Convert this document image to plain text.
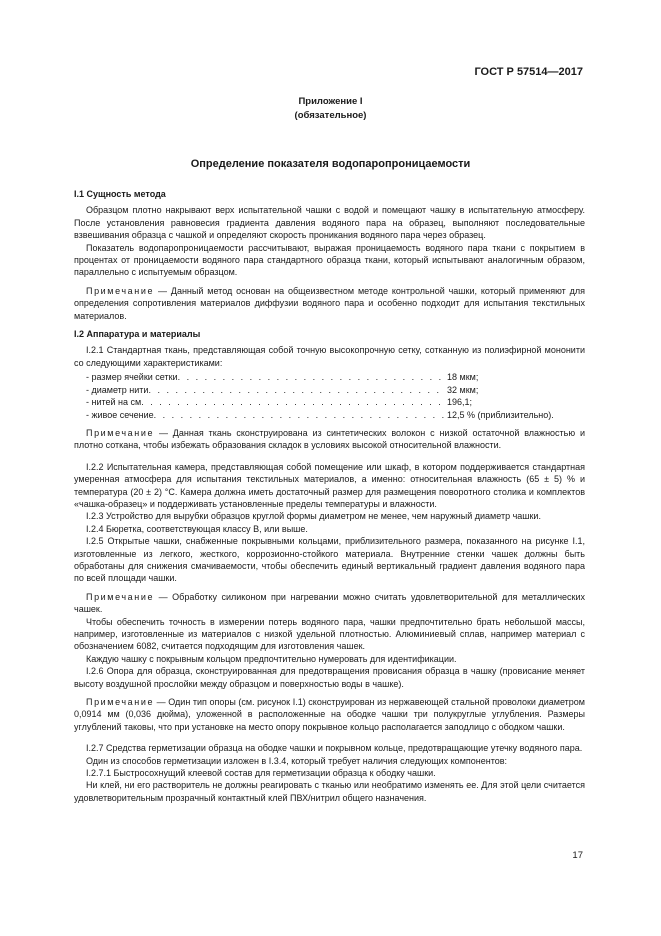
ГОСТ Р 57514—2017
Приложение I
(обязательное)
Определение показателя водопаропроницаемости
I.1 Сущность метода

Образцом плотно накрывают верх испытательной чашки с водой и помещают чашку в испытательную атмосферу. После установления равновесия градиента давления водяного пара на образец, выполняют последовательные взвешивания образца с чашкой и определяют скорость проникания водяного пара через образец.

Показатель водопаропроницаемости рассчитывают, выражая проницаемость водяного пара ткани с покрытием в процентах от проницаемости водяного пара стандартного образца ткани, который испытывают аналогичным образом, параллельно с испытуемым образцом.

Примечание — Данный метод основан на общеизвестном методе контрольной чашки, который применяют для определения сопротивления материалов диффузии водяного пара и особенно подходит для испытания текстильных материалов.

I.2 Аппаратура и материалы

I.2.1 Стандартная ткань, представляющая собой точную высокопрочную сетку, сотканную из полиэфирной мононити со следующими характеристиками:

- размер ячейки сетки . . .	18 мкм;
- диаметр нити . . .	32 мкм;
- нитей на см . . .	196,1;
- живое сечение . . .	12,5 % (приблизительно).

Примечание — Данная ткань сконструирована из синтетических волокон с низкой остаточной влажностью и плотно соткана, чтобы избежать образования складок в условиях высокой относительной влажности.

I.2.2 Испытательная камера, представляющая собой помещение или шкаф, в котором поддерживается стандартная умеренная атмосфера для испытания текстильных материалов, а именно: относительная влажность (65 ± 5) % и температура (20 ± 2) °С. Камера должна иметь достаточный размер для размещения поворотного столика и комплектов «чашка-образец» и поддерживать установленные пределы температуры и влажности.

I.2.3 Устройство для вырубки образцов круглой формы диаметром не менее, чем наружный диаметр чашки.

I.2.4 Бюретка, соответствующая классу В, или выше.

I.2.5 Открытые чашки, снабженные покрывными кольцами, приблизительного размера, показанного на рисунке I.1, изготовленные из легкого, жесткого, коррозионно-стойкого материала. Внутренние стенки чашек должны быть обработаны для снижения смачиваемости, чтобы обеспечить единый вертикальный градиент давления водяного пара по всей площади чашки.

Примечание — Обработку силиконом при нагревании можно считать удовлетворительной для металлических чашек.

Чтобы обеспечить точность в измерении потерь водяного пара, чашки предпочтительно брать небольшой массы, например, изготовленные из материалов с низкой удельной плотностью. Алюминиевый сплав, например материал с обозначением 6082, считается подходящим для изготовления чашек.

Каждую чашку с покрывным кольцом предпочтительно нумеровать для идентификации.

I.2.6 Опора для образца, сконструированная для предотвращения провисания образца в чашку (провисание меняет высоту воздушной прослойки между образцом и поверхностью воды в чашке).

Примечание — Один тип опоры (см. рисунок I.1) сконструирован из нержавеющей стальной проволоки диаметром 0,0914 мм (0,036 дюйма), уложенной в расположенные на ободке чашки три полукруглые углубления. Размеры углублений таковы, что при установке на место опору покрывное кольцо располагается заподлицо с ободком чашки.

I.2.7 Средства герметизации образца на ободке чашки и покрывном кольце, предотвращающие утечку водяного пара.

Один из способов герметизации изложен в I.3.4, который требует наличия следующих компонентов:

I.2.7.1 Быстросохнущий клеевой состав для герметизации образца к ободку чашки.

Ни клей, ни его растворитель не должны реагировать с тканью или необратимо изменять ее. Для этой цели считается удовлетворительным прозрачный контактный клей ПВХ/нитрил общего назначения.

17
